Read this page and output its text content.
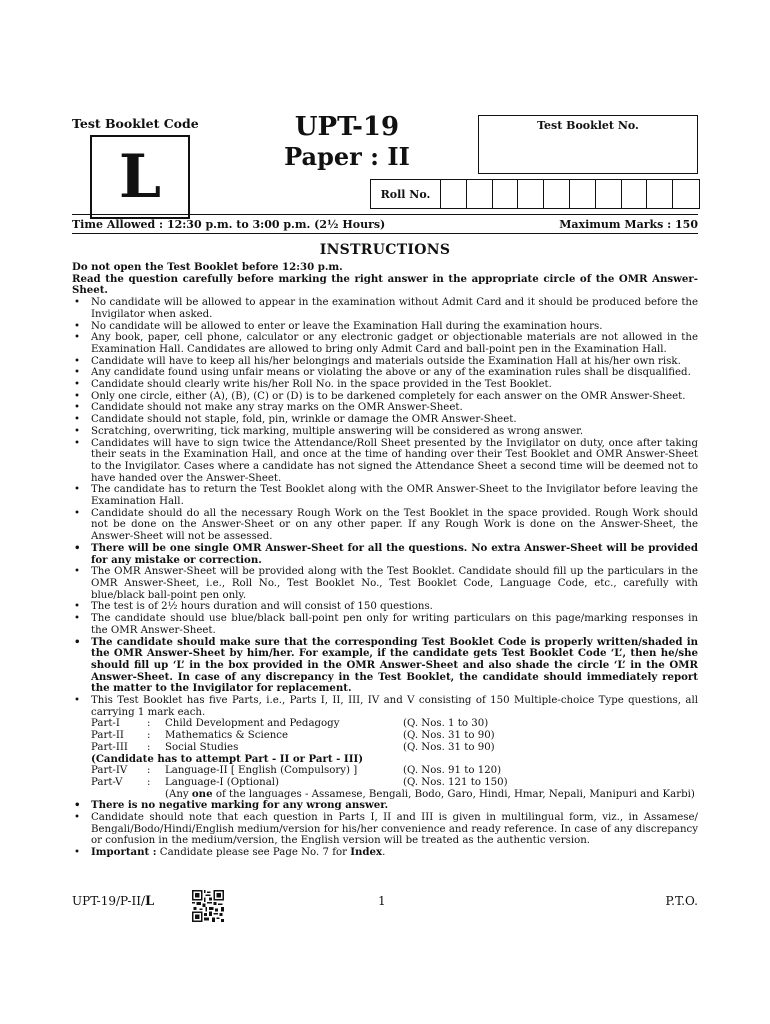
Test Booklet Code
L
UPT-19
Paper : II
Test Booklet No.
Roll No.
Time Allowed : 12:30 p.m. to 3:00 p.m. (2½ Hours)	Maximum Marks : 150
INSTRUCTIONS

Do not open the Test Booklet before 12:30 p.m.

Read the question carefully before marking the right answer in the appropriate circle of the OMR Answer-Sheet.

• No candidate will be allowed to appear in the examination without Admit Card and it should be produced before the Invigilator when asked.
• No candidate will be allowed to enter or leave the Examination Hall during the examination hours.
• Any book, paper, cell phone, calculator or any electronic gadget or objectionable materials are not allowed in the Examination Hall. Candidates are allowed to bring only Admit Card and ball-point pen in the Examination Hall.
• Candidate will have to keep all his/her belongings and materials outside the Examination Hall at his/her own risk.
• Any candidate found using unfair means or violating the above or any of the examination rules shall be disqualified.
• Candidate should clearly write his/her Roll No. in the space provided in the Test Booklet.
• Only one circle, either (A), (B), (C) or (D) is to be darkened completely for each answer on the OMR Answer-Sheet.
• Candidate should not make any stray marks on the OMR Answer-Sheet.
• Candidate should not staple, fold, pin, wrinkle or damage the OMR Answer-Sheet.
• Scratching, overwriting, tick marking, multiple answering will be considered as wrong answer.
• Candidates will have to sign twice the Attendance/Roll Sheet presented by the Invigilator on duty, once after taking their seats in the Examination Hall, and once at the time of handing over their Test Booklet and OMR Answer-Sheet to the Invigilator. Cases where a candidate has not signed the Attendance Sheet a second time will be deemed not to have handed over the Answer-Sheet.
• The candidate has to return the Test Booklet along with the OMR Answer-Sheet to the Invigilator before leaving the Examination Hall.
• Candidate should do all the necessary Rough Work on the Test Booklet in the space provided. Rough Work should not be done on the Answer-Sheet or on any other paper. If any Rough Work is done on the Answer-Sheet, the Answer-Sheet will not be assessed.
• There will be one single OMR Answer-Sheet for all the questions. No extra Answer-Sheet will be provided for any mistake or correction.
• The OMR Answer-Sheet will be provided along with the Test Booklet. Candidate should fill up the particulars in the OMR Answer-Sheet, i.e., Roll No., Test Booklet No., Test Booklet Code, Language Code, etc., carefully with blue/black ball-point pen only.
• The test is of 2½ hours duration and will consist of 150 questions.
• The candidate should use blue/black ball-point pen only for writing particulars on this page/marking responses in the OMR Answer-Sheet.
• The candidate should make sure that the corresponding Test Booklet Code is properly written/shaded in the OMR Answer-Sheet by him/her. For example, if the candidate gets Test Booklet Code ‘L’, then he/she should fill up ‘L’ in the box provided in the OMR Answer-Sheet and also shade the circle ‘L’ in the OMR Answer-Sheet. In case of any discrepancy in the Test Booklet, the candidate should immediately report the matter to the Invigilator for replacement.
• This Test Booklet has five Parts, i.e., Parts I, II, III, IV and V consisting of 150 Multiple-choice Type questions, all carrying 1 mark each.
Part-I	:	Child Development and Pedagogy	(Q. Nos. 1 to 30)
Part-II	:	Mathematics & Science	(Q. Nos. 31 to 90)
Part-III	:	Social Studies	(Q. Nos. 31 to 90)
(Candidate has to attempt Part - II or Part - III)
Part-IV	:	Language-II [ English (Compulsory) ]	(Q. Nos. 91 to 120)
Part-V	:	Language-I (Optional)	(Q. Nos. 121 to 150)
(Any one of the languages - Assamese, Bengali, Bodo, Garo, Hindi, Hmar, Nepali, Manipuri and Karbi)
• There is no negative marking for any wrong answer.
• Candidate should note that each question in Parts I, II and III is given in multilingual form, viz., in Assamese/ Bengali/Bodo/Hindi/English medium/version for his/her convenience and ready reference. In case of any discrepancy or confusion in the medium/version, the English version will be treated as the authentic version.
• Important : Candidate please see Page No. 7 for Index.
UPT-19/P-II/L	1	P.T.O.
